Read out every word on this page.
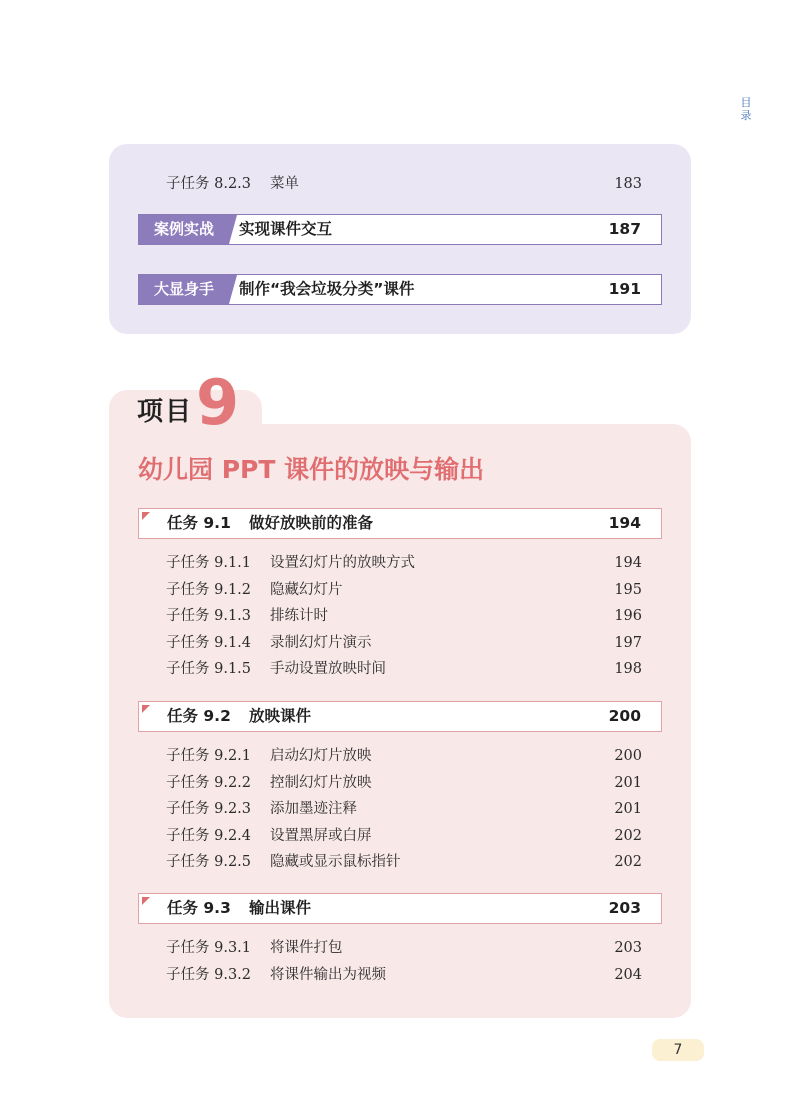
目录
子任务 8.2.3 菜单	183
案例实战	实现课件交互	187
大显身手	制作“我会垃圾分类”课件	191
项目 9
幼儿园 PPT 课件的放映与输出
任务 9.1 做好放映前的准备	194
子任务 9.1.1 设置幻灯片的放映方式	194
子任务 9.1.2 隐藏幻灯片	195
子任务 9.1.3 排练计时	196
子任务 9.1.4 录制幻灯片演示	197
子任务 9.1.5 手动设置放映时间	198
任务 9.2 放映课件	200
子任务 9.2.1 启动幻灯片放映	200
子任务 9.2.2 控制幻灯片放映	201
子任务 9.2.3 添加墨迹注释	201
子任务 9.2.4 设置黑屏或白屏	202
子任务 9.2.5 隐藏或显示鼠标指针	202
任务 9.3 输出课件	203
子任务 9.3.1 将课件打包	203
子任务 9.3.2 将课件输出为视频	204
7
